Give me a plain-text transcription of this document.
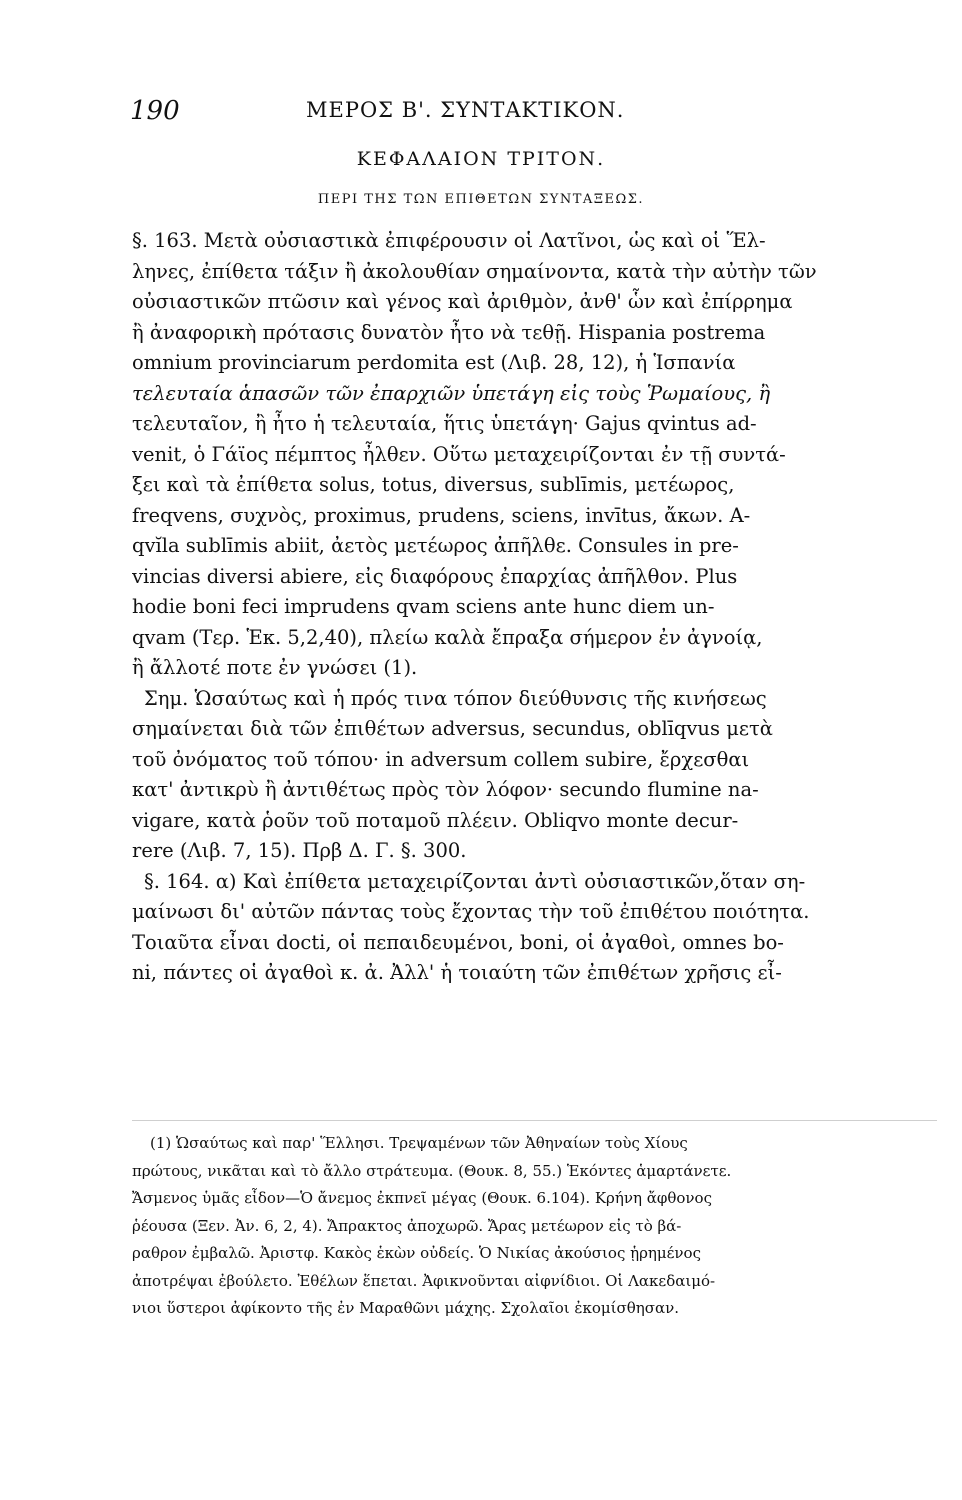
190	ΜΕΡΟΣ Β'. ΣΥΝΤΑΚΤΙΚΟΝ.
ΚΕΦΑΛΑΙΟΝ ΤΡΙΤΟΝ.
ΠΕΡΙ ΤΗΣ ΤΩΝ ΕΠΙΘΕΤΩΝ ΣΥΝΤΑΞΕΩΣ.
§. 163. Μετὰ οὐσιαστικὰ ἐπιφέρουσιν οἱ Λατῖνοι, ὡς καὶ οἱ Ἕλ-
ληνες, ἐπίθετα τάξιν ἢ ἀκολουθίαν σημαίνοντα, κατὰ τὴν αὐτὴν τῶν
οὐσιαστικῶν πτῶσιν καὶ γένος καὶ ἀριθμὸν, ἀνθ' ὧν καὶ ἐπίρρημα
ἢ ἀναφορικὴ πρότασις δυνατὸν ἦτο νὰ τεθῇ. Hispania postrema
omnium provinciarum perdomita est (Λιβ. 28, 12), ἡ Ἱσπανία
τελευταία ἁπασῶν τῶν ἐπαρχιῶν ὑπετάγη εἰς τοὺς Ῥωμαίους, ἢ
τελευταῖον, ἢ ἦτο ἡ τελευταία, ἥτις ὑπετάγη· Gajus qvintus ad-
venit, ὁ Γάϊος πέμπτος ἦλθεν. Οὕτω μεταχειρίζονται ἐν τῇ συντά-
ξει καὶ τὰ ἐπίθετα solus, totus, diversus, sublīmis, μετέωρος,
freqvens, συχνὸς, proximus, prudens, sciens, invītus, ἄκων. A-
qvĭla sublīmis abiit, ἀετὸς μετέωρος ἀπῆλθε. Consules in pre-
vincias diversi abiere, εἰς διαφόρους ἐπαρχίας ἀπῆλθον. Plus
hodie boni feci imprudens qvam sciens ante hunc diem un-
qvam (Τερ. Ἑκ. 5,2,40), πλείω καλὰ ἔπραξα σήμερον ἐν ἀγνοίᾳ,
ἢ ἄλλοτέ ποτε ἐν γνώσει (1).
Σημ. Ὡσαύτως καὶ ἡ πρός τινα τόπον διεύθυνσις τῆς κινήσεως
σημαίνεται διὰ τῶν ἐπιθέτων adversus, secundus, oblīqvus μετὰ
τοῦ ὀνόματος τοῦ τόπου· in adversum collem subire, ἔρχεσθαι
κατ' ἀντικρὺ ἢ ἀντιθέτως πρὸς τὸν λόφον· secundo flumine na-
vigare, κατὰ ῥοῦν τοῦ ποταμοῦ πλέειν. Obliqvo monte decur-
rere (Λιβ. 7, 15). Πρβ Δ. Γ. §. 300.
§. 164. α) Καὶ ἐπίθετα μεταχειρίζονται ἀντὶ οὐσιαστικῶν,ὅταν ση-
μαίνωσι δι' αὐτῶν πάντας τοὺς ἔχοντας τὴν τοῦ ἐπιθέτου ποιότητα.
Τοιαῦτα εἶναι docti, οἱ πεπαιδευμένοι, boni, οἱ ἀγαθοὶ, omnes bo-
ni, πάντες οἱ ἀγαθοὶ κ. ἀ. Ἀλλ' ἡ τοιαύτη τῶν ἐπιθέτων χρῆσις εἶ-
(1) Ὡσαύτως καὶ παρ' Ἕλλησι. Τρεψαμένων τῶν Ἀθηναίων τοὺς Χίους
πρώτους, νικᾶται καὶ τὸ ἄλλο στράτευμα. (Θουκ. 8, 55.) Ἑκόντες ἁμαρτάνετε.
Ἄσμενος ὑμᾶς εἶδον—Ὁ ἄνεμος ἐκπνεῖ μέγας (Θουκ. 6.104). Κρήνη ἄφθονος
ῥέουσα (Ξεν. Ἀν. 6, 2, 4). Ἄπρακτος ἀποχωρῶ. Ἄρας μετέωρον εἰς τὸ βά-
ραθρον ἐμβαλῶ. Ἀριστφ. Κακὸς ἑκὼν οὐδείς. Ὁ Νικίας ἀκούσιος ᾑρημένος
ἀποτρέψαι ἐβούλετο. Ἐθέλων ἕπεται. Ἀφικνοῦνται αἰφνίδιοι. Οἱ Λακεδαιμό-
νιοι ὕστεροι ἀφίκοντο τῆς ἐν Μαραθῶνι μάχης. Σχολαῖοι ἐκομίσθησαν.
